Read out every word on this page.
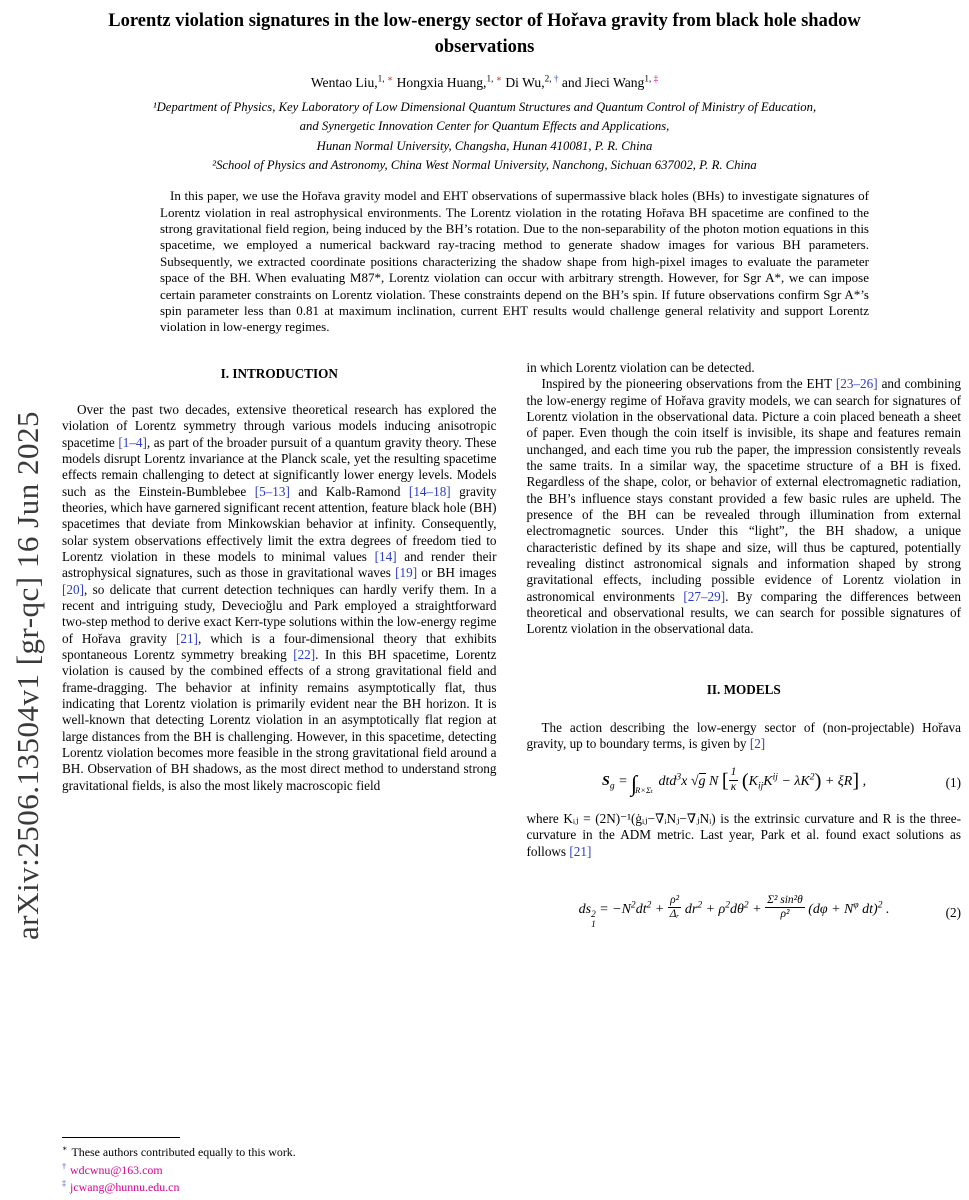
arXiv:2506.13504v1 [gr-qc] 16 Jun 2025
Lorentz violation signatures in the low-energy sector of Hořava gravity from black hole shadow observations
Wentao Liu,$^{1,}$ ∗ Hongxia Huang,$^{1,}$ ∗ Di Wu,$^{2,}$ † and Jieci Wang$^{1,}$ ‡
¹Department of Physics, Key Laboratory of Low Dimensional Quantum Structures and Quantum Control of Ministry of Education,
and Synergetic Innovation Center for Quantum Effects and Applications,
Hunan Normal University, Changsha, Hunan 410081, P. R. China
²School of Physics and Astronomy, China West Normal University, Nanchong, Sichuan 637002, P. R. China
In this paper, we use the Hořava gravity model and EHT observations of supermassive black holes (BHs) to investigate signatures of Lorentz violation in real astrophysical environments. The Lorentz violation in the rotating Hořava BH spacetime are confined to the strong gravitational field region, being induced by the BH’s rotation. Due to the non-separability of the photon motion equations in this spacetime, we employed a numerical backward ray-tracing method to generate shadow images for various BH parameters. Subsequently, we extracted coordinate positions characterizing the shadow shape from high-pixel images to evaluate the parameter space of the BH. When evaluating M87*, Lorentz violation can occur with arbitrary strength. However, for Sgr A*, we can impose certain parameter constraints on Lorentz violation. These constraints depend on the BH’s spin. If future observations confirm Sgr A*’s spin parameter less than 0.81 at maximum inclination, current EHT results would challenge general relativity and support Lorentz violation in low-energy regimes.
I. INTRODUCTION

Over the past two decades, extensive theoretical research has explored the violation of Lorentz symmetry through various models inducing anisotropic spacetime [1–4], as part of the broader pursuit of a quantum gravity theory. These models disrupt Lorentz invariance at the Planck scale, yet the resulting spacetime effects remain challenging to detect at significantly lower energy levels. Models such as the Einstein-Bumblebee [5–13] and Kalb-Ramond [14–18] gravity theories, which have garnered significant recent attention, feature black hole (BH) spacetimes that deviate from Minkowskian behavior at infinity. Consequently, solar system observations effectively limit the extra degrees of freedom tied to Lorentz violation in these models to minimal values [14] and render their astrophysical signatures, such as those in gravitational waves [19] or BH images [20], so delicate that current detection techniques can hardly verify them. In a recent and intriguing study, Devecioğlu and Park employed a straightforward two-step method to derive exact Kerr-type solutions within the low-energy regime of Hořava gravity [21], which is a four-dimensional theory that exhibits spontaneous Lorentz symmetry breaking [22]. In this BH spacetime, Lorentz violation is caused by the combined effects of a strong gravitational field and frame-dragging. The behavior at infinity remains asymptotically flat, thus indicating that Lorentz violation is primarily evident near the BH horizon. It is well-known that detecting Lorentz violation in an asymptotically flat region at large distances from the BH is challenging. However, in this spacetime, detecting Lorentz violation becomes more feasible in the strong gravitational field around a BH. Observation of BH shadows, as the most direct method to understand strong gravitational fields, is also the most likely macroscopic field

in which Lorentz violation can be detected.

Inspired by the pioneering observations from the EHT [23–26] and combining the low-energy regime of Hořava gravity models, we can search for signatures of Lorentz violation in the observational data. Picture a coin placed beneath a sheet of paper. Even though the coin itself is invisible, its shape and features remain unchanged, and each time you rub the paper, the impression consistently reveals the same traits. In a similar way, the spacetime structure of a BH is fixed. Regardless of the shape, color, or behavior of external electromagnetic radiation, the BH’s influence stays constant provided a few basic rules are upheld. The presence of the BH can be revealed through illumination from external electromagnetic sources. Under this “light”, the BH shadow, a unique characteristic defined by its shape and size, will thus be captured, potentially revealing distinct astronomical signals and information shaped by strong gravitational effects, including possible evidence of Lorentz violation in astronomical environments [27–29]. By comparing the differences between theoretical and observational results, we can search for possible signatures of Lorentz violation in the observational data.

II. MODELS

The action describing the low-energy sector of (non-projectable) Hořava gravity, up to boundary terms, is given by [2]

$S_g = \int_{R\times\Sigma_t}$ dtd$^3$x √g N [ $\frac{1}{\kappa} (K_{ij}K^{ij} - \lambda K^2) + \xi R$] ,	(1)

where Kᵢⱼ = (2N)⁻¹(ġᵢⱼ−∇ᵢNⱼ−∇ⱼNᵢ) is the extrinsic curvature and R is the three-curvature in the ADM metric. Last year, Park et al. found exact solutions as follows [21]

ds 2
1
= $-N^2dt^2 + \frac{\text{ρ²}}{\text{Δᵣ}} dr^2 + \rho^2d\theta^2 + \frac{\text{Σ² sin²θ}}{\text{ρ²}} (d\varphi + N^\varphi$ dt)$^2$ .	(2)
∗ These authors contributed equally to this work.
† wdcwnu@163.com
‡ jcwang@hunnu.edu.cn
